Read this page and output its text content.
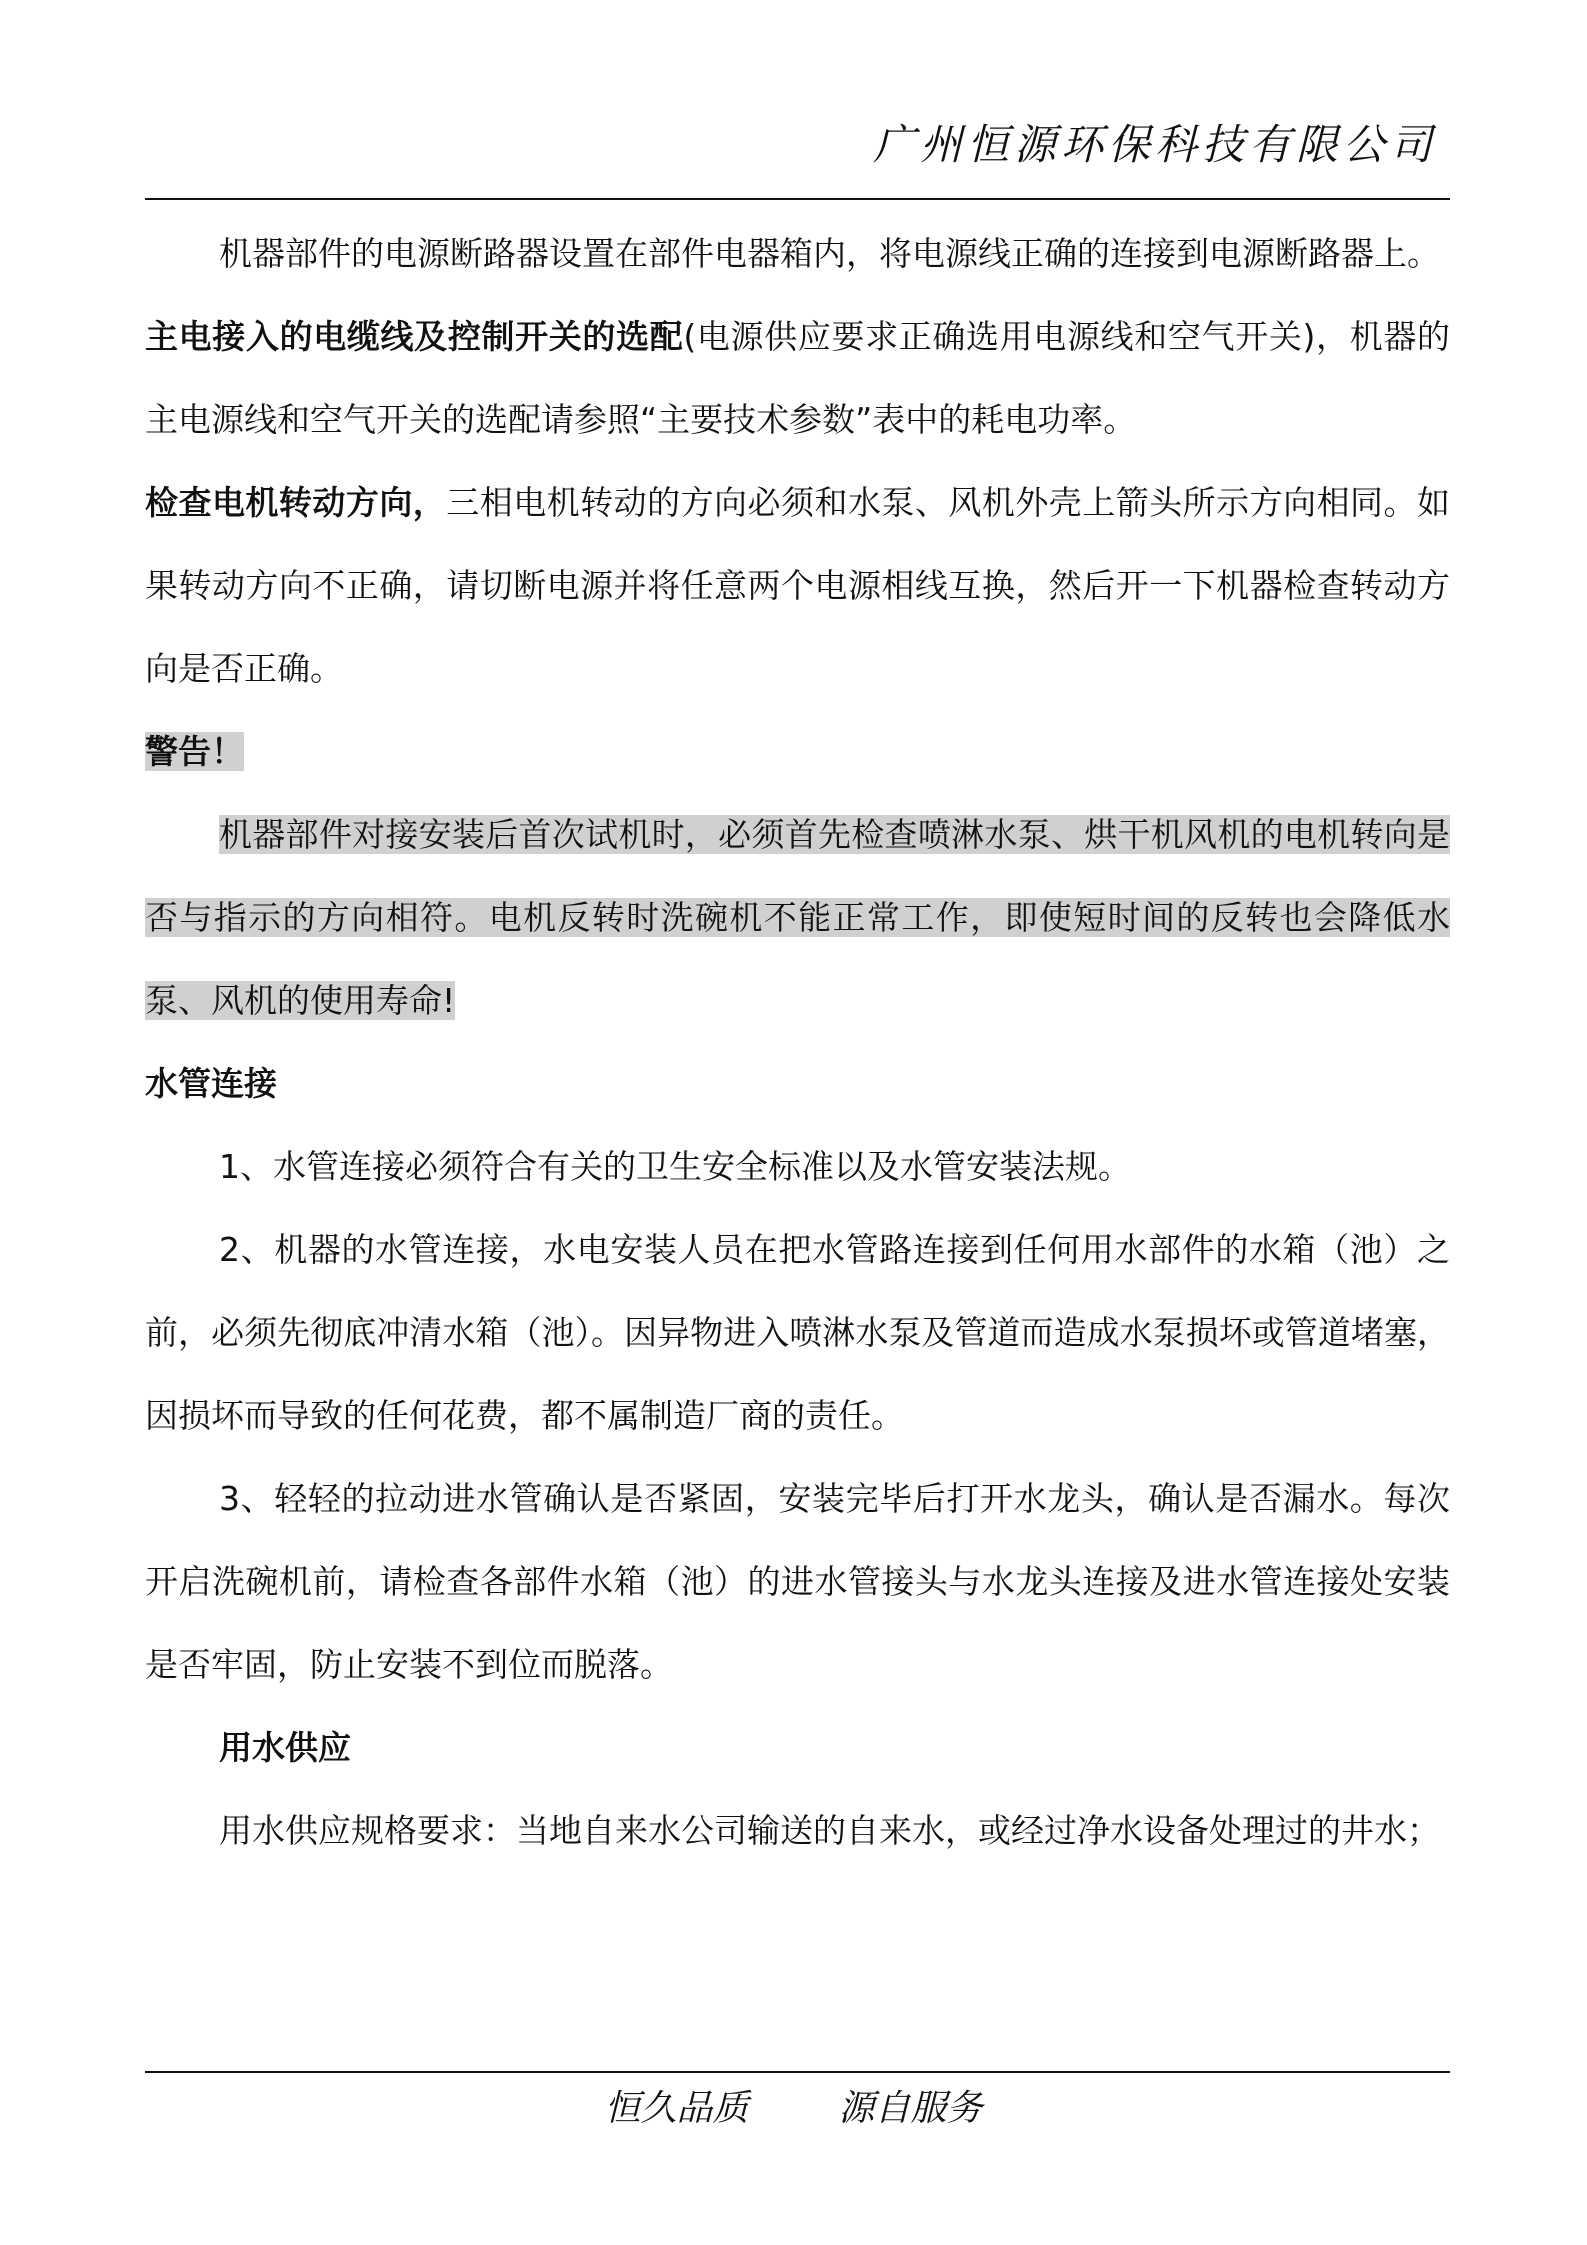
广州恒源环保科技有限公司

机器部件的电源断路器设置在部件电器箱内，将电源线正确的连接到电源断路器上。

主电接入的电缆线及控制开关的选配(电源供应要求正确选用电源线和空气开关)，机器的主电源线和空气开关的选配请参照“主要技术参数”表中的耗电功率。

检查电机转动方向，三相电机转动的方向必须和水泵、风机外壳上箭头所示方向相同。如果转动方向不正确，请切断电源并将任意两个电源相线互换，然后开一下机器检查转动方向是否正确。

警告！

机器部件对接安装后首次试机时，必须首先检查喷淋水泵、烘干机风机的电机转向是否与指示的方向相符。电机反转时洗碗机不能正常工作，即使短时间的反转也会降低水泵、风机的使用寿命!

水管连接

1、水管连接必须符合有关的卫生安全标准以及水管安装法规。

2、机器的水管连接，水电安装人员在把水管路连接到任何用水部件的水箱（池）之前，必须先彻底冲清水箱（池）。因异物进入喷淋水泵及管道而造成水泵损坏或管道堵塞，因损坏而导致的任何花费，都不属制造厂商的责任。

3、轻轻的拉动进水管确认是否紧固，安装完毕后打开水龙头，确认是否漏水。每次开启洗碗机前，请检查各部件水箱（池）的进水管接头与水龙头连接及进水管连接处安装是否牢固，防止安装不到位而脱落。

用水供应

用水供应规格要求：当地自来水公司输送的自来水，或经过净水设备处理过的井水；

恒久品质	源自服务
